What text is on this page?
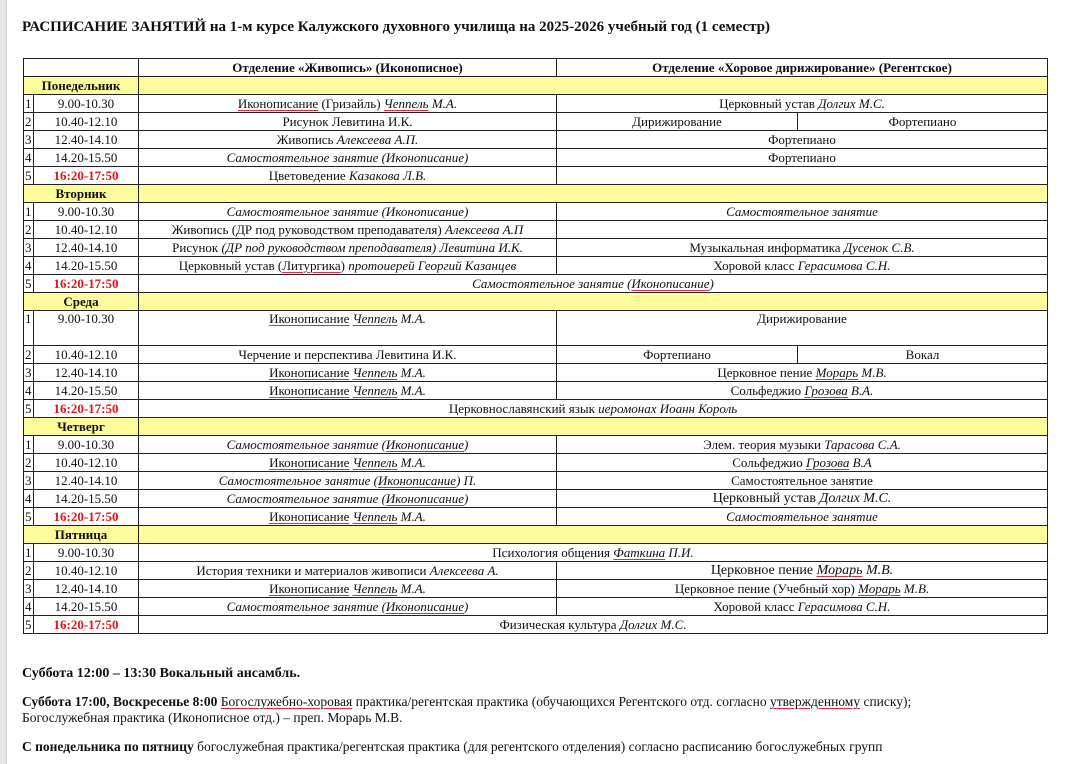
РАСПИСАНИЕ ЗАНЯТИЙ на 1-м курсе Калужского духовного училища на 2025-2026 учебный год (1 семестр)
		Отделение «Живопись» (Иконописное)	Отделение «Хоровое дирижирование» (Регентское)	
Понедельник				
1	9.00-10.30	Иконописание (Гризайль) Чеппель М.А.	Церковный устав Долгих М.С.	
2	10.40-12.10	Рисунок Левитина И.К.	Дирижирование	Фортепиано
3	12.40-14.10	Живопись Алексеева А.П.	Фортепиано	
4	14.20-15.50	Самостоятельное занятие (Иконописание)	Фортепиано	
5	16:20-17:50	Цветоведение Казакова Л.В.		
Вторник				
1	9.00-10.30	Самостоятельное занятие (Иконописание)	Самостоятельное занятие	
2	10.40-12.10	Живопись (ДР под руководством преподавателя) Алексеева А.П		
3	12.40-14.10	Рисунок (ДР под руководством преподавателя) Левитина И.К.	Музыкальная информатика Дусенок С.В.	
4	14.20-15.50	Церковный устав (Литургика) протоиерей Георгий Казанцев	Хоровой класс Герасимова С.Н.	
5	16:20-17:50	Самостоятельное занятие (Иконописание)		
Среда				
1	9.00-10.30	Иконописание Чеппель М.А.	Дирижирование	
2	10.40-12.10	Черчение и перспектива Левитина И.К.	Фортепиано	Вокал
3	12.40-14.10	Иконописание Чеппель М.А.	Церковное пение Морарь М.В.	
4	14.20-15.50	Иконописание Чеппель М.А.	Сольфеджио Грозова В.А.	
5	16:20-17:50	Церковнославянский язык иеромонах Иоанн Король		
Четверг				
1	9.00-10.30	Самостоятельное занятие (Иконописание)	Элем. теория музыки Тарасова С.А.	
2	10.40-12.10	Иконописание Чеппель М.А.	Сольфеджио Грозова В.А	
3	12.40-14.10	Самостоятельное занятие (Иконописание) П.	Самостоятельное занятие	
4	14.20-15.50	Самостоятельное занятие (Иконописание)	Церковный устав Долгих М.С.	
5	16:20-17:50	Иконописание Чеппель М.А.	Самостоятельное занятие	
Пятница				
1	9.00-10.30	Психология общения Фаткина П.И.		
2	10.40-12.10	История техники и материалов живописи Алексеева А.	Церковное пение Морарь М.В.	
3	12.40-14.10	Иконописание Чеппель М.А.	Церковное пение (Учебный хор) Морарь М.В.	
4	14.20-15.50	Самостоятельное занятие (Иконописание)	Хоровой класс Герасимова С.Н.	
5	16:20-17:50	Физическая культура Долгих М.С.		
Суббота 12:00 – 13:30 Вокальный ансамбль.
Суббота 17:00, Воскресенье 8:00 Богослужебно-хоровая практика/регентская практика (обучающихся Регентского отд. согласно утвержденному списку);
Богослужебная практика (Иконописное отд.) – преп. Морарь М.В.
С понедельника по пятницу богослужебная практика/регентская практика (для регентского отделения) согласно расписанию богослужебных групп
